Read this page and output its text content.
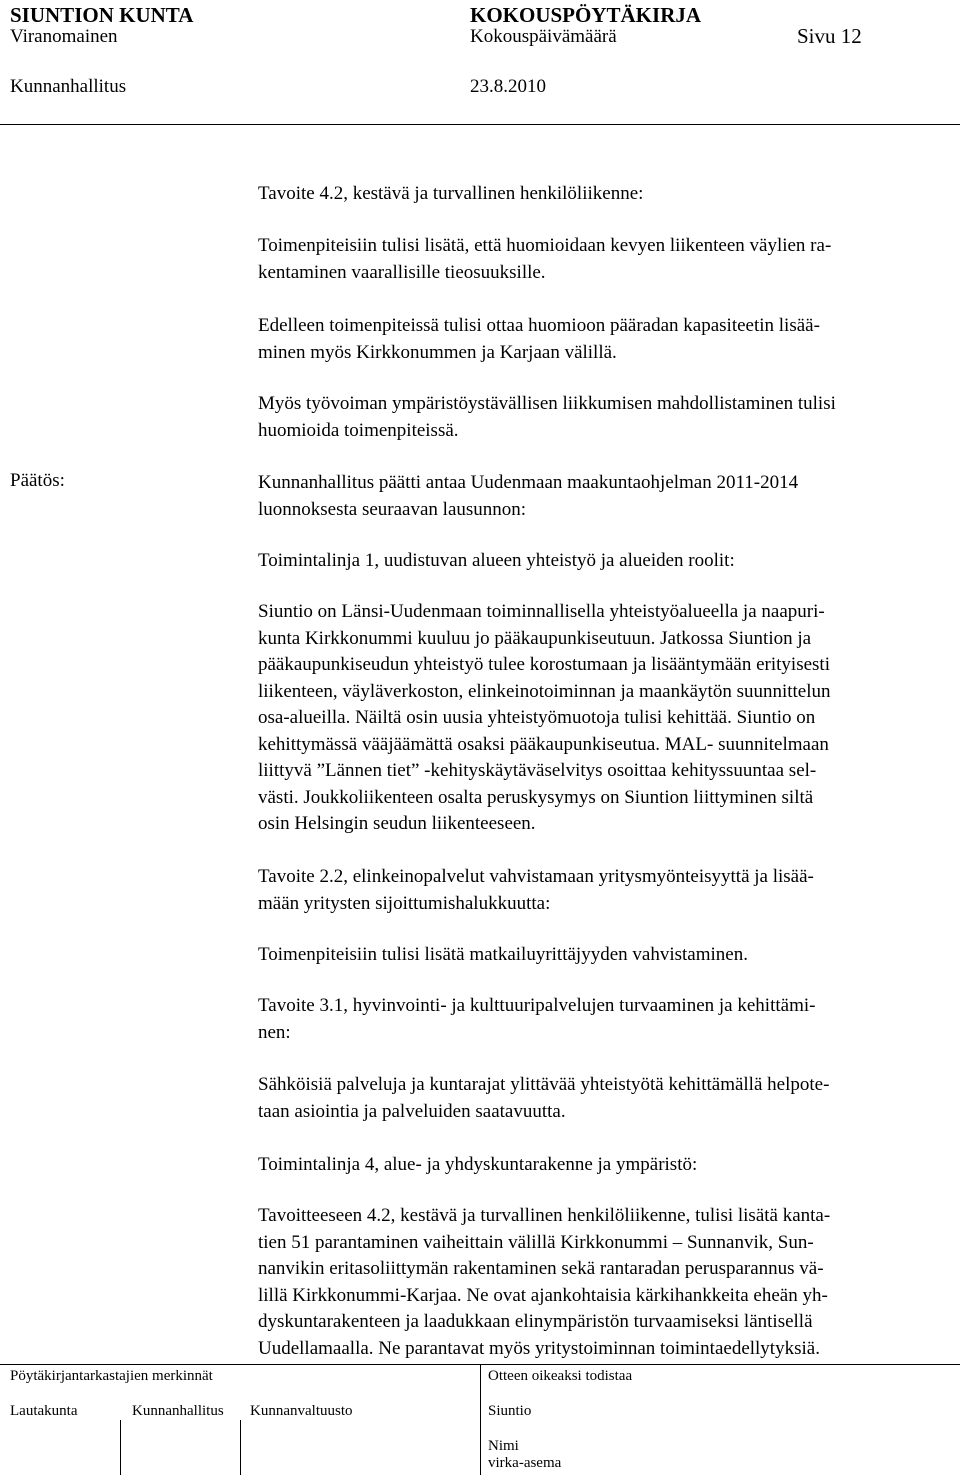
SIUNTION KUNTA	KOKOUSPÖYTÄKIRJA
Viranomainen	Kokouspäivämäärä	Sivu 12
Kunnanhallitus	23.8.2010
Tavoite 4.2, kestävä ja turvallinen henkilöliikenne:
Toimenpiteisiin tulisi lisätä, että huomioidaan kevyen liikenteen väylien ra-
kentaminen vaarallisille tieosuuksille.
Edelleen toimenpiteissä tulisi ottaa huomioon pääradan kapasiteetin lisää-
minen myös Kirkkonummen ja Karjaan välillä.
Myös työvoiman ympäristöystävällisen liikkumisen mahdollistaminen tulisi
huomioida toimenpiteissä.
Päätös:	Kunnanhallitus päätti antaa Uudenmaan maakuntaohjelman 2011-2014
luonnoksesta seuraavan lausunnon:
Toimintalinja 1, uudistuvan alueen yhteistyö ja alueiden roolit:
Siuntio on Länsi-Uudenmaan toiminnallisella yhteistyöalueella ja naapuri-
kunta Kirkkonummi kuuluu jo pääkaupunkiseutuun. Jatkossa Siuntion ja
pääkaupunkiseudun yhteistyö tulee korostumaan ja lisääntymään erityisesti
liikenteen, väyläverkoston, elinkeinotoiminnan ja maankäytön suunnittelun
osa-alueilla. Näiltä osin uusia yhteistyömuotoja tulisi kehittää. Siuntio on
kehittymässä vääjäämättä osaksi pääkaupunkiseutua. MAL- suunnitelmaan
liittyvä ”Lännen tiet” -kehityskäytäväselvitys osoittaa kehityssuuntaa sel-
västi. Joukkoliikenteen osalta peruskysymys on Siuntion liittyminen siltä
osin Helsingin seudun liikenteeseen.
Tavoite 2.2, elinkeinopalvelut vahvistamaan yritysmyönteisyyttä ja lisää-
mään yritysten sijoittumishalukkuutta:
Toimenpiteisiin tulisi lisätä matkailuyrittäjyyden vahvistaminen.
Tavoite 3.1, hyvinvointi- ja kulttuuripalvelujen turvaaminen ja kehittämi-
nen:
Sähköisiä palveluja ja kuntarajat ylittävää yhteistyötä kehittämällä helpote-
taan asiointia ja palveluiden saatavuutta.
Toimintalinja 4, alue- ja yhdyskuntarakenne ja ympäristö:
Tavoitteeseen 4.2, kestävä ja turvallinen henkilöliikenne, tulisi lisätä kanta-
tien 51 parantaminen vaiheittain välillä Kirkkonummi – Sunnanvik, Sun-
nanvikin eritasoliittymän rakentaminen sekä rantaradan perusparannus vä-
lillä Kirkkonummi-Karjaa. Ne ovat ajankohtaisia kärkihankkeita eheän yh-
dyskuntarakenteen ja laadukkaan elinympäristön turvaamiseksi läntisellä
Uudellamaalla. Ne parantavat myös yritystoiminnan toimintaedellytyksiä.
Pöytäkirjantarkastajien merkinnät	Otteen oikeaksi todistaa
Lautakunta	Kunnanhallitus Kunnanvaltuusto	Siuntio
Nimi
virka-asema
